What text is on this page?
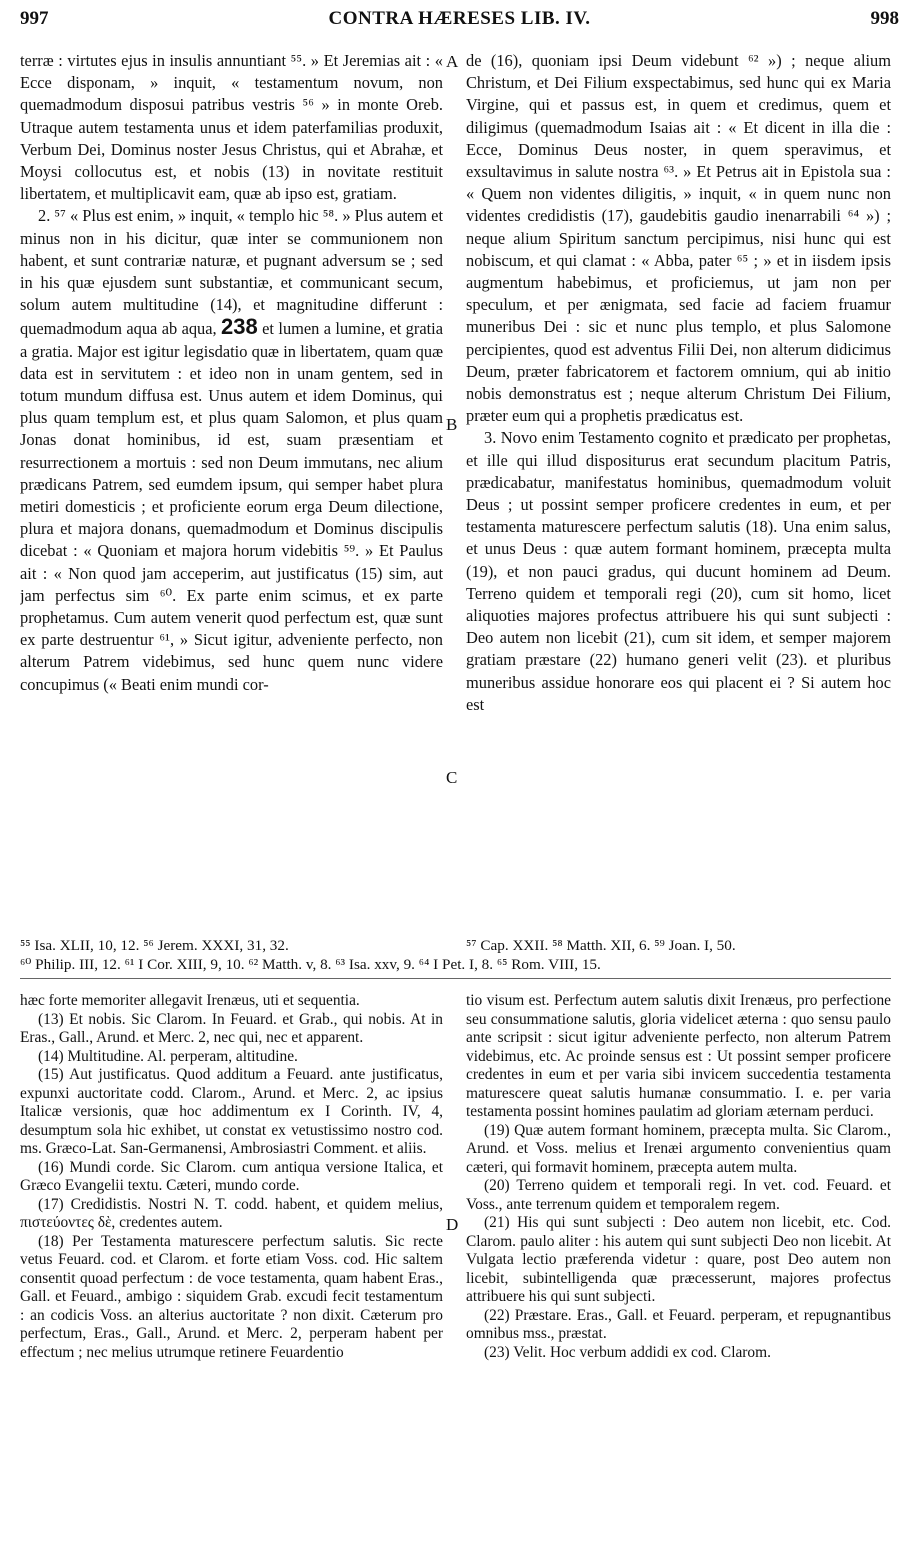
997	CONTRA HÆRESES LIB. IV.	998

terræ : virtutes ejus in insulis annuntiant ⁵⁵. » Et Jeremias ait : « Ecce disponam, » inquit, « testamentum novum, non quemadmodum disposui patribus vestris ⁵⁶ » in monte Oreb. Utraque autem testamenta unus et idem paterfamilias produxit, Verbum Dei, Dominus noster Jesus Christus, qui et Abrahæ, et Moysi collocutus est, et nobis (13) in novitate restituit libertatem, et multiplicavit eam, quæ ab ipso est, gratiam.

2. ⁵⁷ « Plus est enim, » inquit, « templo hic ⁵⁸. » Plus autem et minus non in his dicitur, quæ inter se communionem non habent, et sunt contrariæ naturæ, et pugnant adversum se ; sed in his quæ ejusdem sunt substantiæ, et communicant secum, solum autem multitudine (14), et magnitudine differunt : quemadmodum aqua ab aqua, 238 et lumen a lumine, et gratia a gratia. Major est igitur legisdatio quæ in libertatem, quam quæ data est in servitutem : et ideo non in unam gentem, sed in totum mundum diffusa est. Unus autem et idem Dominus, qui plus quam templum est, et plus quam Salomon, et plus quam Jonas donat hominibus, id est, suam præsentiam et resurrectionem a mortuis : sed non Deum immutans, nec alium prædicans Patrem, sed eumdem ipsum, qui semper habet plura metiri domesticis ; et proficiente eorum erga Deum dilectione, plura et majora donans, quemadmodum et Dominus discipulis dicebat : « Quoniam et majora horum videbitis ⁵⁹. » Et Paulus ait : « Non quod jam acceperim, aut justificatus (15) sim, aut jam perfectus sim ⁶⁰. Ex parte enim scimus, et ex parte prophetamus. Cum autem venerit quod perfectum est, quæ sunt ex parte destruentur ⁶¹, » Sicut igitur, adveniente perfecto, non alterum Patrem videbimus, sed hunc quem nunc videre concupimus (« Beati enim mundi cor-

A
B
C
D

de (16), quoniam ipsi Deum videbunt ⁶² ») ; neque alium Christum, et Dei Filium exspectabimus, sed hunc qui ex Maria Virgine, qui et passus est, in quem et credimus, quem et diligimus (quemadmodum Isaias ait : « Et dicent in illa die : Ecce, Dominus Deus noster, in quem speravimus, et exsultavimus in salute nostra ⁶³. » Et Petrus ait in Epistola sua : « Quem non videntes diligitis, » inquit, « in quem nunc non videntes credidistis (17), gaudebitis gaudio inenarrabili ⁶⁴ ») ; neque alium Spiritum sanctum percipimus, nisi hunc qui est nobiscum, et qui clamat : « Abba, pater ⁶⁵ ; » et in iisdem ipsis augmentum habebimus, et proficiemus, ut jam non per speculum, et per ænigmata, sed facie ad faciem fruamur muneribus Dei : sic et nunc plus templo, et plus Salomone percipientes, quod est adventus Filii Dei, non alterum didicimus Deum, præter fabricatorem et factorem omnium, qui ab initio nobis demonstratus est ; neque alterum Christum Dei Filium, præter eum qui a prophetis prædicatus est.

3. Novo enim Testamento cognito et prædicato per prophetas, et ille qui illud dispositurus erat secundum placitum Patris, prædicabatur, manifestatus hominibus, quemadmodum voluit Deus ; ut possint semper proficere credentes in eum, et per testamenta maturescere perfectum salutis (18). Una enim salus, et unus Deus : quæ autem formant hominem, præcepta multa (19), et non pauci gradus, qui ducunt hominem ad Deum. Terreno quidem et temporali regi (20), cum sit homo, licet aliquoties majores profectus attribuere his qui sunt subjecti : Deo autem non licebit (21), cum sit idem, et semper majorem gratiam præstare (22) humano generi velit (23). et pluribus muneribus assidue honorare eos qui placent ei ? Si autem hoc est

⁵⁵ Isa. XLII, 10, 12. ⁵⁶ Jerem. XXXI, 31, 32.	⁵⁷ Cap. XXII. ⁵⁸ Matth. XII, 6. ⁵⁹ Joan. I, 50.
⁶⁰ Philip. III, 12. ⁶¹ I Cor. XIII, 9, 10. ⁶² Matth. v, 8. ⁶³ Isa. xxv, 9. ⁶⁴ I Pet. I, 8. ⁶⁵ Rom. VIII, 15.

hæc forte memoriter allegavit Irenæus, uti et sequentia.

(13) Et nobis. Sic Clarom. In Feuard. et Grab., qui nobis. At in Eras., Gall., Arund. et Merc. 2, nec qui, nec et apparent.

(14) Multitudine. Al. perperam, altitudine.

(15) Aut justificatus. Quod additum a Feuard. ante justificatus, expunxi auctoritate codd. Clarom., Arund. et Merc. 2, ac ipsius Italicæ versionis, quæ hoc addimentum ex I Corinth. IV, 4, desumptum sola hic exhibet, ut constat ex vetustissimo nostro cod. ms. Græco-Lat. San-Germanensi, Ambrosiastri Comment. et aliis.

(16) Mundi corde. Sic Clarom. cum antiqua versione Italica, et Græco Evangelii textu. Cæteri, mundo corde.

(17) Credidistis. Nostri N. T. codd. habent, et quidem melius, πιστεύοντες δὲ, credentes autem.

(18) Per Testamenta maturescere perfectum salutis. Sic recte vetus Feuard. cod. et Clarom. et forte etiam Voss. cod. Hic saltem consentit quoad perfectum : de voce testamenta, quam habent Eras., Gall. et Feuard., ambigo : siquidem Grab. excudi fecit testamentum : an codicis Voss. an alterius auctoritate ? non dixit. Cæterum pro perfectum, Eras., Gall., Arund. et Merc. 2, perperam habent per effectum ; nec melius utrumque retinere Feuardentio

tio visum est. Perfectum autem salutis dixit Irenæus, pro perfectione seu consummatione salutis, gloria videlicet æterna : quo sensu paulo ante scripsit : sicut igitur adveniente perfecto, non alterum Patrem videbimus, etc. Ac proinde sensus est : Ut possint semper proficere credentes in eum et per varia sibi invicem succedentia testamenta maturescere queat salutis humanæ consummatio. I. e. per varia testamenta possint homines paulatim ad gloriam æternam perduci.

(19) Quæ autem formant hominem, præcepta multa. Sic Clarom., Arund. et Voss. melius et Irenæi argumento convenientius quam cæteri, qui formavit hominem, præcepta autem multa.

(20) Terreno quidem et temporali regi. In vet. cod. Feuard. et Voss., ante terrenum quidem et temporalem regem.

(21) His qui sunt subjecti : Deo autem non licebit, etc. Cod. Clarom. paulo aliter : his autem qui sunt subjecti Deo non licebit. At Vulgata lectio præferenda videtur : quare, post Deo autem non licebit, subintelligenda quæ præcesserunt, majores profectus attribuere his qui sunt subjecti.

(22) Præstare. Eras., Gall. et Feuard. perperam, et repugnantibus omnibus mss., præstat.

(23) Velit. Hoc verbum addidi ex cod. Clarom.
